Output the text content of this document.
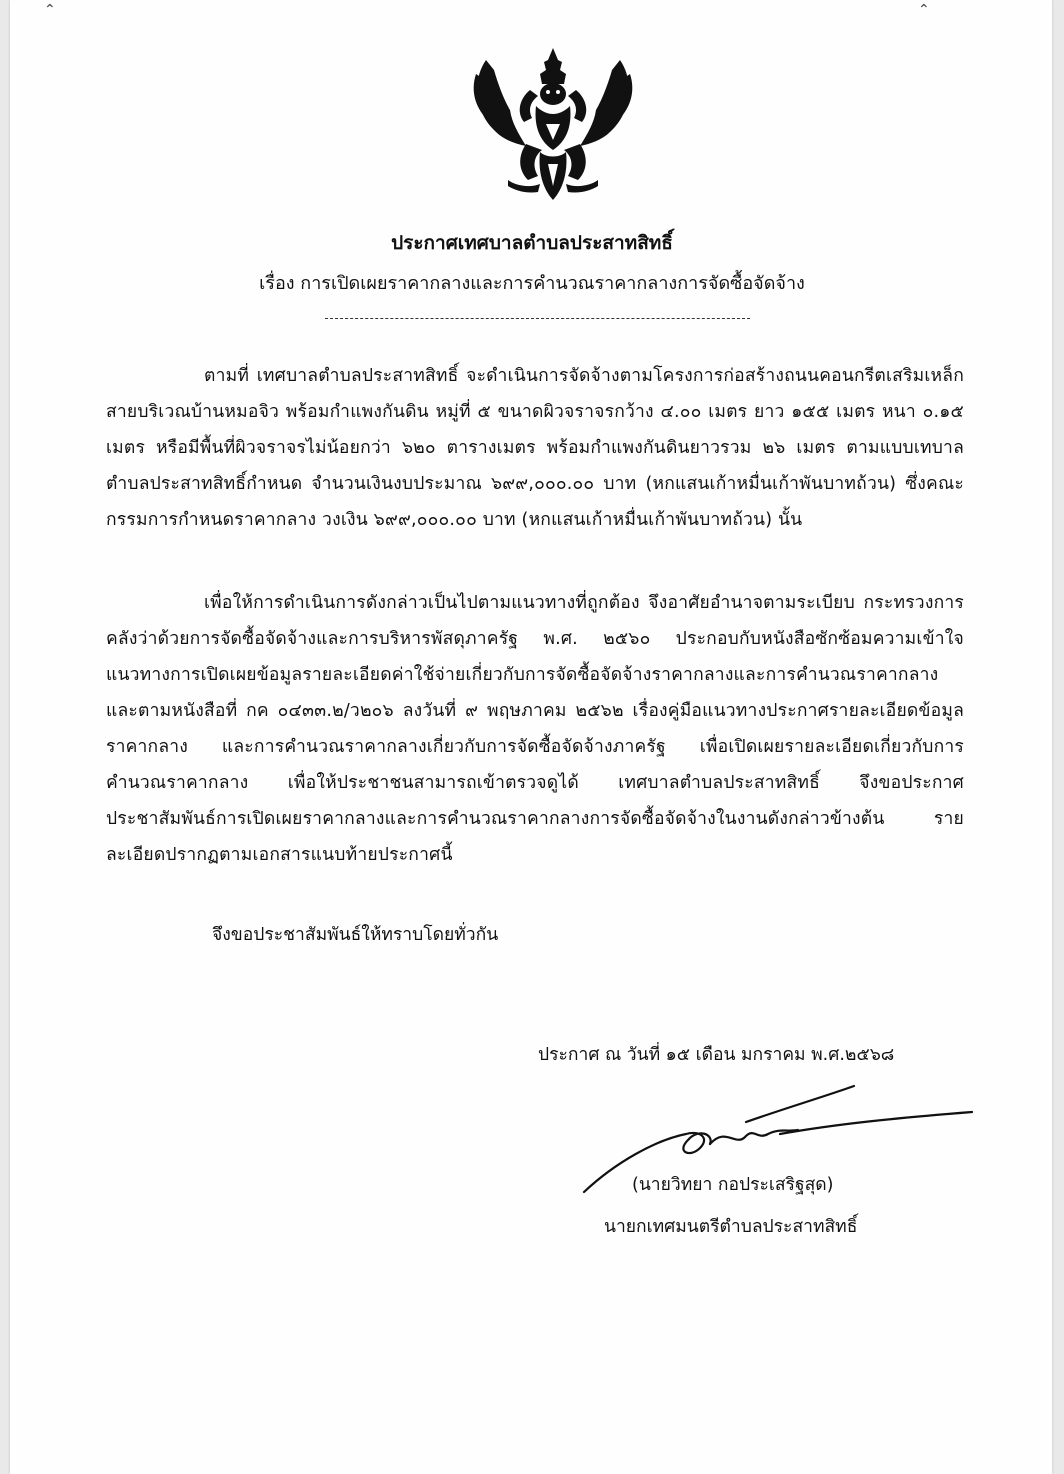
⌃	⌃
ประกาศเทศบาลตำบลประสาทสิทธิ์
เรื่อง การเปิดเผยราคากลางและการคำนวณราคากลางการจัดซื้อจัดจ้าง
ตามที่ เทศบาลตำบลประสาทสิทธิ์ จะดำเนินการจัดจ้างตามโครงการก่อสร้างถนนคอนกรีตเสริมเหล็ก สายบริเวณบ้านหมอจิว พร้อมกำแพงกันดิน หมู่ที่ ๕ ขนาดผิวจราจรกว้าง ๔.๐๐ เมตร ยาว ๑๕๕ เมตร หนา ๐.๑๕ เมตร หรือมีพื้นที่ผิวจราจรไม่น้อยกว่า ๖๒๐ ตารางเมตร พร้อมกำแพงกันดินยาวรวม ๒๖ เมตร ตามแบบเทบาลตำบลประสาทสิทธิ์กำหนด จำนวนเงินงบประมาณ ๖๙๙,๐๐๐.๐๐ บาท (หกแสนเก้าหมื่นเก้าพันบาทถ้วน) ซึ่งคณะกรรมการกำหนดราคากลาง วงเงิน ๖๙๙,๐๐๐.๐๐ บาท (หกแสนเก้าหมื่นเก้าพันบาทถ้วน) นั้น
เพื่อให้การดำเนินการดังกล่าวเป็นไปตามแนวทางที่ถูกต้อง จึงอาศัยอำนาจตามระเบียบ กระทรวงการคลังว่าด้วยการจัดซื้อจัดจ้างและการบริหารพัสดุภาครัฐ พ.ศ. ๒๕๖๐ ประกอบกับหนังสือซักซ้อมความเข้าใจแนวทางการเปิดเผยข้อมูลรายละเอียดค่าใช้จ่ายเกี่ยวกับการจัดซื้อจัดจ้างราคากลางและการคำนวณราคากลาง และตามหนังสือที่ กค ๐๔๓๓.๒/ว๒๐๖ ลงวันที่ ๙ พฤษภาคม ๒๕๖๒ เรื่องคู่มือแนวทางประกาศรายละเอียดข้อมูลราคากลาง และการคำนวณราคากลางเกี่ยวกับการจัดซื้อจัดจ้างภาครัฐ เพื่อเปิดเผยรายละเอียดเกี่ยวกับการคำนวณราคากลาง เพื่อให้ประชาชนสามารถเข้าตรวจดูได้ เทศบาลตำบลประสาทสิทธิ์ จึงขอประกาศประชาสัมพันธ์การเปิดเผยราคากลางและการคำนวณราคากลางการจัดซื้อจัดจ้างในงานดังกล่าวข้างต้น รายละเอียดปรากฏตามเอกสารแนบท้ายประกาศนี้
จึงขอประชาสัมพันธ์ให้ทราบโดยทั่วกัน
ประกาศ ณ วันที่ ๑๕ เดือน มกราคม พ.ศ.๒๕๖๘
(นายวิทยา กอประเสริฐสุด)
นายกเทศมนตรีตำบลประสาทสิทธิ์
